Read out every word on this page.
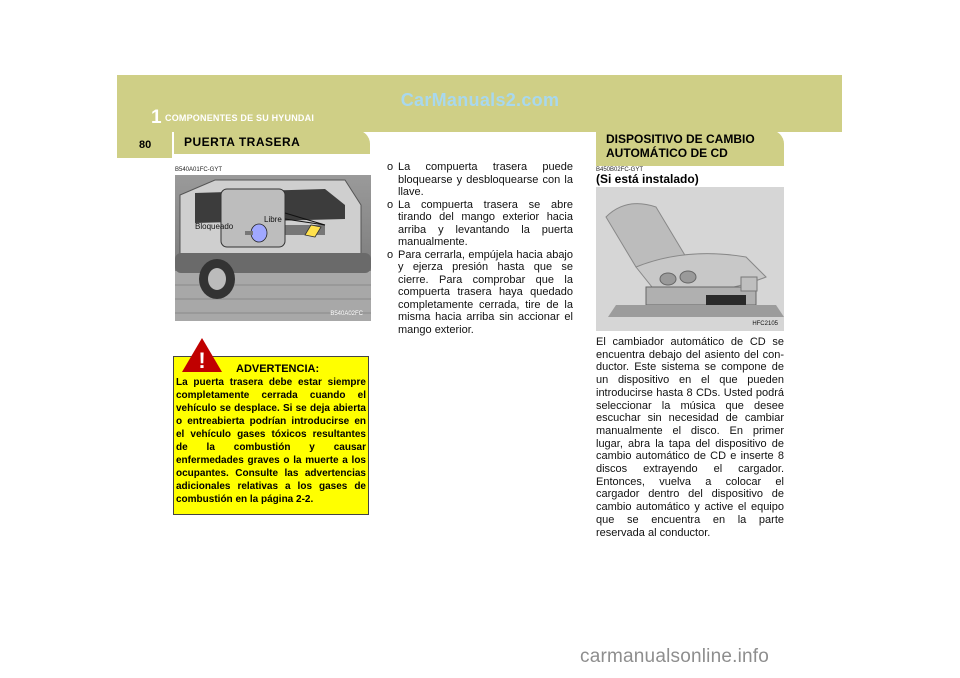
CarManuals2.com
1 COMPONENTES DE SU HYUNDAI
80	PUERTA TRASERA	DISPOSITIVO DE CAMBIO AUTOMÁTICO DE CD
B540A01FC-GYT	B450B02FC-GYT
(Si está instalado)
Bloqueado
Libre
B540A02FC
HFC2105
ADVERTENCIA:
La puerta trasera debe estar siempre completamente cerrada cuando el vehículo se desplace. Si se deja abierta o entreabierta podrían introducirse en el vehículo gases tóxicos resultantes de la combustión y causar enfermedades graves o la muerte a los ocupantes. Consulte las advertencias adicionales relativas a los gases de combustión en la página 2-2.
!
o La compuerta trasera puede bloquearse y desbloquearse con la llave.
o La compuerta trasera se abre tirando del mango exterior hacia arriba y levantando la puerta manualmente.
o Para cerrarla, empújela hacia abajo y ejerza presión hasta que se cierre. Para comprobar que la compuerta trasera haya quedado completamente cerrada, tire de la misma hacia arriba sin accionar el mango exterior.
El cambiador automático de CD se encuentra debajo del asiento del con-ductor. Este sistema se compone de un dispositivo en el que pueden introducirse hasta 8 CDs. Usted podrá seleccionar la música que desee escuchar sin necesidad de cambiar manualmente el disco. En primer lugar, abra la tapa del dispositivo de cambio automático de CD e inserte 8 discos extrayendo el cargador. Entonces, vuelva a colocar el cargador dentro del dispositivo de cambio automático y active el equipo que se encuentra en la parte reservada al conductor.
carmanualsonline.info
